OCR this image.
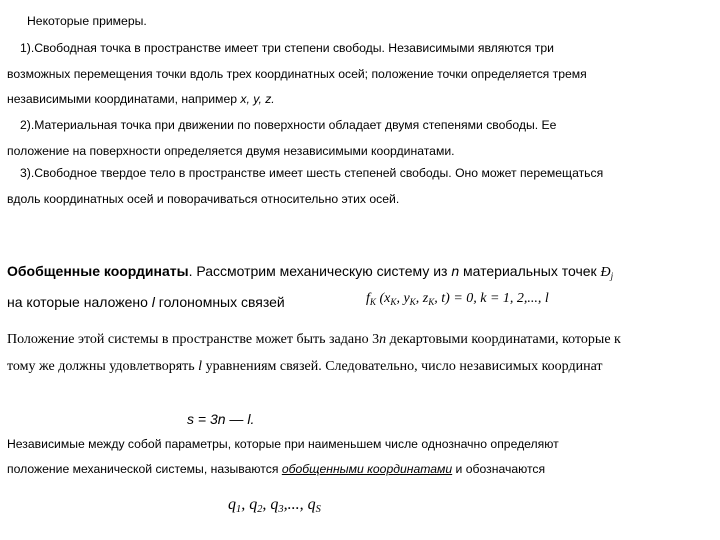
Некоторые примеры.
1).Свободная точка в пространстве имеет три степени свободы. Независимыми являются три
возможных перемещения точки вдоль трех координатных осей; положение точки определяется тремя
независимыми координатами, например x, y, z.
2).Материальная точка при движении по поверхности обладает двумя степенями свободы. Ее
положение на поверхности определяется двумя независимыми координатами.
3).Свободное твердое тело в пространстве имеет шесть степеней свободы. Оно может перемещаться
вдоль координатных осей и поворачиваться относительно этих осей.
Обобщенные координаты. Рассмотрим механическую систему из n материальных точек $Ð_j$
на которые наложено l голономных связей	$f_K$ ($x_K$, $y_K$, $z_K$, t) = 0, k = 1, 2,..., l
Положение этой системы в пространстве может быть задано 3n декартовыми координатами, которые к
тому же должны удовлетворять l уравнениям связей. Следовательно, число независимых координат
s = 3n — l.
Независимые между собой параметры, которые при наименьшем числе однозначно определяют
положение механической системы, называются обобщенными координатами и обозначаются
$q_1$, $q_2$, $q_3$,..., $q_S$
